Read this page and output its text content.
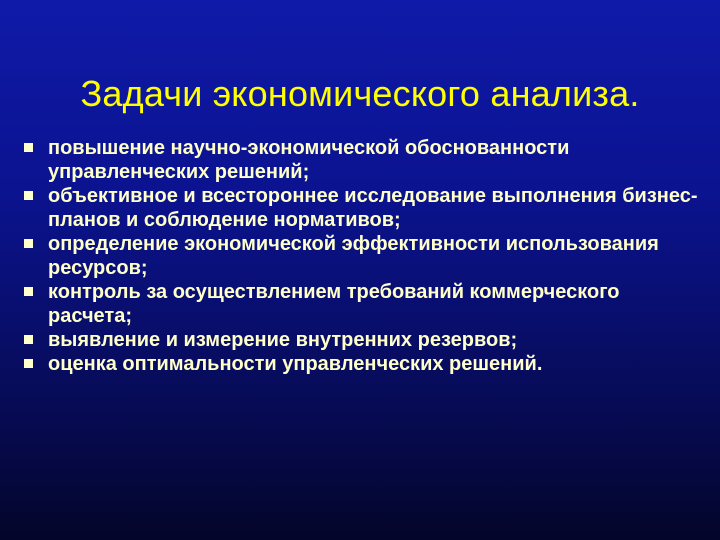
Задачи экономического анализа.
повышение научно-экономической обоснованности управленческих решений;
объективное и всестороннее исследование выполнения бизнес-планов и соблюдение нормативов;
определение экономической эффективности использования ресурсов;
контроль за осуществлением требований коммерческого расчета;
выявление и измерение внутренних резервов;
оценка оптимальности управленческих решений.
